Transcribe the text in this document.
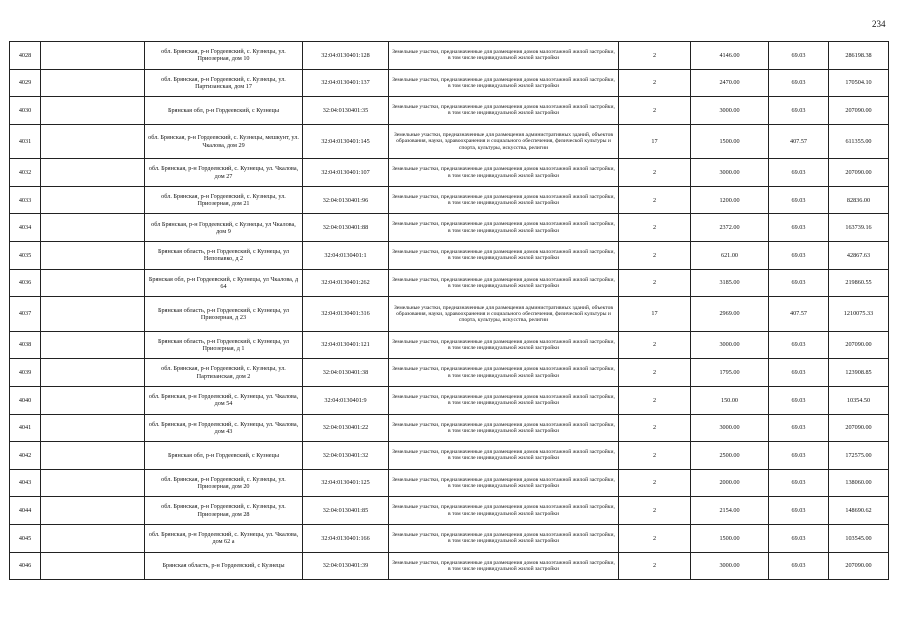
234
4028		обл. Брянская, р-н Гордеевский, с. Кузнецы, ул. Приозерная, дом 10	32:04:0130401:128	Земельные участки, предназначенные для размещения домов малоэтажной жилой застройки, в том числе индивидуальной жилой застройки	2	4146.00	69.03	286198.38
4029		обл. Брянская, р-н Гордеевский, с. Кузнецы, ул. Партизанская, дом 17	32:04:0130401:137	Земельные участки, предназначенные для размещения домов малоэтажной жилой застройки, в том числе индивидуальной жилой застройки	2	2470.00	69.03	170504.10
4030		Брянская обл, р-н Гордеевский, с Кузнецы	32:04:0130401:35	Земельные участки, предназначенные для размещения домов малоэтажной жилой застройки, в том числе индивидуальной жилой застройки	2	3000.00	69.03	207090.00
4031		обл. Брянская, р-н Гордеевский, с. Кузнецы, мешкунт, ул. Чкалова, дом 29	32:04:0130401:145	Земельные участки, предназначенные для размещения административных зданий, объектов образования, науки, здравоохранения и социального обеспечения, физической культуры и спорта, культуры, искусства, религии	17	1500.00	407.57	611355.00
4032		обл. Брянская, р-н Гордеевский, с. Кузнецы, ул. Чкалова, дом 27	32:04:0130401:107	Земельные участки, предназначенные для размещения домов малоэтажной жилой застройки, в том числе индивидуальной жилой застройки	2	3000.00	69.03	207090.00
4033		обл. Брянская, р-н Гордеевский, с. Кузнецы, ул. Приозерная, дом 21	32:04:0130401:96	Земельные участки, предназначенные для размещения домов малоэтажной жилой застройки, в том числе индивидуальной жилой застройки	2	1200.00	69.03	82836.00
4034		обл Брянская, р-н Гордеевский, с Кузнецы, ул Чкалова, дом 9	32:04:0130401:88	Земельные участки, предназначенные для размещения домов малоэтажной жилой застройки, в том числе индивидуальной жилой застройки	2	2372.00	69.03	163739.16
4035		Брянская область, р-н Гордеевский, с Кузнецы, ул Непопавко, д 2	32:04:0130401:1	Земельные участки, предназначенные для размещения домов малоэтажной жилой застройки, в том числе индивидуальной жилой застройки	2	621.00	69.03	42867.63
4036		Брянская обл, р-н Гордеевский, с Кузнецы, ул Чкалова, д 64	32:04:0130401:262	Земельные участки, предназначенные для размещения домов малоэтажной жилой застройки, в том числе индивидуальной жилой застройки	2	3185.00	69.03	219860.55
4037		Брянская область, р-н Гордеевский, с Кузнецы, ул Приозерная, д 23	32:04:0130401:316	Земельные участки, предназначенные для размещения административных зданий, объектов образования, науки, здравоохранения и социального обеспечения, физической культуры и спорта, культуры, искусства, религии	17	2969.00	407.57	1210075.33
4038		Брянская область, р-н Гордеевский, с Кузнецы, ул Приозерная, д 1	32:04:0130401:121	Земельные участки, предназначенные для размещения домов малоэтажной жилой застройки, в том числе индивидуальной жилой застройки	2	3000.00	69.03	207090.00
4039		обл. Брянская, р-н Гордеевский, с. Кузнецы, ул. Партизанская, дом 2	32:04:0130401:38	Земельные участки, предназначенные для размещения домов малоэтажной жилой застройки, в том числе индивидуальной жилой застройки	2	1795.00	69.03	123908.85
4040		обл. Брянская, р-н Гордеевский, с. Кузнецы, ул. Чкалова, дом 54	32:04:0130401:9	Земельные участки, предназначенные для размещения домов малоэтажной жилой застройки, в том числе индивидуальной жилой застройки	2	150.00	69.03	10354.50
4041		обл. Брянская, р-н Гордеевский, с. Кузнецы, ул. Чкалова, дом 43	32:04:0130401:22	Земельные участки, предназначенные для размещения домов малоэтажной жилой застройки, в том числе индивидуальной жилой застройки	2	3000.00	69.03	207090.00
4042		Брянская обл, р-н Гордеевский, с Кузнецы	32:04:0130401:32	Земельные участки, предназначенные для размещения домов малоэтажной жилой застройки, в том числе индивидуальной жилой застройки	2	2500.00	69.03	172575.00
4043		обл. Брянская, р-н Гордеевский, с. Кузнецы, ул. Приозерная, дом 20	32:04:0130401:125	Земельные участки, предназначенные для размещения домов малоэтажной жилой застройки, в том числе индивидуальной жилой застройки	2	2000.00	69.03	138060.00
4044		обл. Брянская, р-н Гордеевский, с. Кузнецы, ул. Приозерная, дом 28	32:04:0130401:85	Земельные участки, предназначенные для размещения домов малоэтажной жилой застройки, в том числе индивидуальной жилой застройки	2	2154.00	69.03	148690.62
4045		обл. Брянская, р-н Гордеевский, с. Кузнецы, ул. Чкалова, дом 62 а	32:04:0130401:166	Земельные участки, предназначенные для размещения домов малоэтажной жилой застройки, в том числе индивидуальной жилой застройки	2	1500.00	69.03	103545.00
4046		Брянская область, р-н Гордеевский, с Кузнецы	32:04:0130401:39	Земельные участки, предназначенные для размещения домов малоэтажной жилой застройки, в том числе индивидуальной жилой застройки	2	3000.00	69.03	207090.00
